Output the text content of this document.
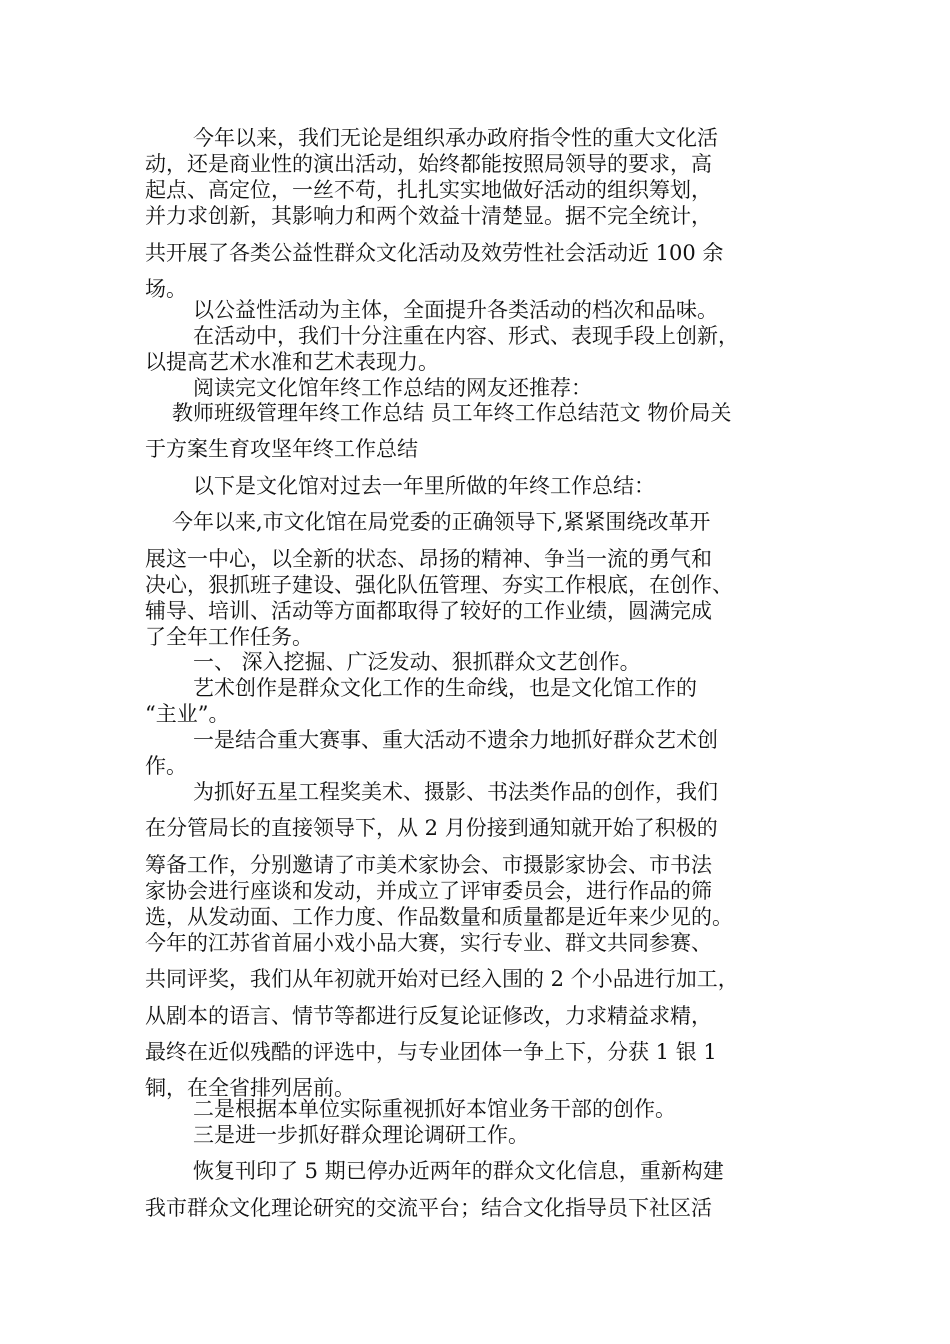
今年以来，我们无论是组织承办政府指令性的重大文化活

动，还是商业性的演出活动，始终都能按照局领导的要求，高

起点、高定位，一丝不苟，扎扎实实地做好活动的组织筹划，

并力求创新，其影响力和两个效益十清楚显。据不完全统计，

共开展了各类公益性群众文化活动及效劳性社会活动近 100 余

场。

以公益性活动为主体，全面提升各类活动的档次和品味。

在活动中，我们十分注重在内容、形式、表现手段上创新，

以提高艺术水准和艺术表现力。

阅读完文化馆年终工作总结的网友还推荐：

教师班级管理年终工作总结 员工年终工作总结范文 物价局关

于方案生育攻坚年终工作总结

以下是文化馆对过去一年里所做的年终工作总结：

今年以来,市文化馆在局党委的正确领导下,紧紧围绕改革开

展这一中心，以全新的状态、昂扬的精神、争当一流的勇气和

决心，狠抓班子建设、强化队伍管理、夯实工作根底，在创作、

辅导、培训、活动等方面都取得了较好的工作业绩，圆满完成

了全年工作任务。

一、 深入挖掘、广泛发动、狠抓群众文艺创作。

艺术创作是群众文化工作的生命线，也是文化馆工作的

“主业”。

一是结合重大赛事、重大活动不遗余力地抓好群众艺术创

作。

为抓好五星工程奖美术、摄影、书法类作品的创作，我们

在分管局长的直接领导下，从 2 月份接到通知就开始了积极的

筹备工作，分别邀请了市美术家协会、市摄影家协会、市书法

家协会进行座谈和发动，并成立了评审委员会，进行作品的筛

选，从发动面、工作力度、作品数量和质量都是近年来少见的。

今年的江苏省首届小戏小品大赛，实行专业、群文共同参赛、

共同评奖，我们从年初就开始对已经入围的 2 个小品进行加工，

从剧本的语言、情节等都进行反复论证修改，力求精益求精，

最终在近似残酷的评选中，与专业团体一争上下，分获 1 银 1

铜，在全省排列居前。

二是根据本单位实际重视抓好本馆业务干部的创作。

三是进一步抓好群众理论调研工作。

恢复刊印了 5 期已停办近两年的群众文化信息，重新构建

我市群众文化理论研究的交流平台；结合文化指导员下社区活
